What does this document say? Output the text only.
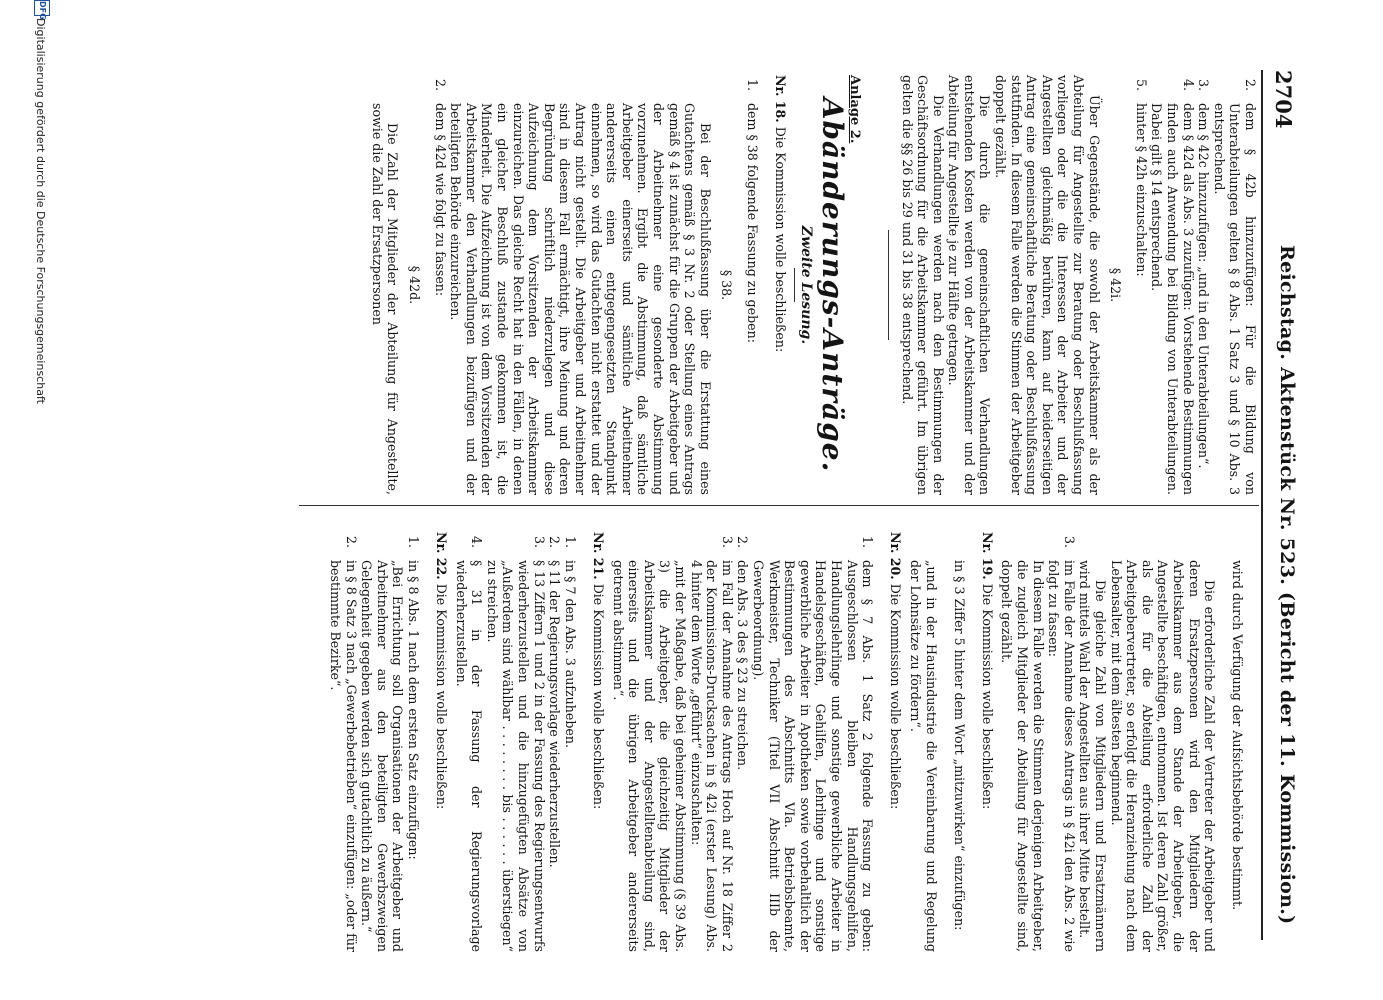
2704
Reichstag. Aktenstück Nr. 523. (Bericht der 11. Kommission.)

2.
dem § 42b hinzuzufügen: Für die Bildung von Unterabteilungen gelten § 8 Abs. 1 Satz 3 und § 10 Abs. 3 entsprechend.

3.
dem § 42c hinzuzufügen: „und in den Unterabteilungen“.

4.
dem § 42d als Abs. 3 zuzufügen: Vorstehende Bestimmungen finden auch Anwendung bei Bildung von Unterabteilungen. Dabei gilt § 14 entsprechend.

5.
hinter § 42h einzuschalten:

§ 42i.

Über Gegenstände, die sowohl der Arbeitskammer als der Abteilung für Angestellte zur Beratung oder Beschlußfassung vorliegen oder die die Interessen der Arbeiter und der Angestellten gleichmäßig berühren, kann auf beiderseitigen Antrag eine gemeinschaftliche Beratung oder Beschlußfassung stattfinden. In diesem Falle werden die Stimmen der Arbeitgeber doppelt gezählt.

Die durch die gemeinschaftlichen Verhandlungen entstehenden Kosten werden von der Arbeitskammer und der Abteilung für Angestellte je zur Hälfte getragen.

Die Verhandlungen werden nach den Bestimmungen der Geschäftsordnung für die Arbeitskammer geführt. Im übrigen gelten die §§ 26 bis 29 und 31 bis 38 entsprechend.

Anlage 2.

Abänderungs-Anträge.

Zweite Lesung.

Nr. 18. Die Kommission wolle beschließen:

1.
dem § 38 folgende Fassung zu geben:

§ 38.

Bei der Beschlußfassung über die Erstattung eines Gutachtens gemäß § 3 Nr. 2 oder Stellung eines Antrags gemäß § 4 ist zunächst für die Gruppen der Arbeitgeber und der Arbeitnehmer eine gesonderte Abstimmung vorzunehmen. Ergibt die Abstimmung, daß sämtliche Arbeitgeber einerseits und sämtliche Arbeitnehmer andererseits einen entgegengesetzten Standpunkt einnehmen, so wird das Gutachten nicht erstattet und der Antrag nicht gestellt. Die Arbeitgeber und Arbeitnehmer sind in diesem Fall ermächtigt, ihre Meinung und deren Begründung schriftlich niederzulegen und diese Aufzeichnung dem Vorsitzenden der Arbeitskammer einzureichen. Das gleiche Recht hat in den Fällen, in denen ein gleicher Beschluß zustande gekommen ist, die Minderheit. Die Aufzeichnung ist von dem Vorsitzenden der Arbeitskammer den Verhandlungen beizufügen und der beteiligten Behörde einzureichen.

2.
dem § 42d wie folgt zu fassen:

§ 42d.

Die Zahl der Mitglieder der Abteilung für Angestellte, sowie die Zahl der Ersatzpersonen

wird durch Verfügung der Aufsichtsbehörde bestimmt.

Die erforderliche Zahl der Vertreter der Arbeitgeber und deren Ersatzpersonen wird den Mitgliedern der Arbeitskammer aus dem Stande der Arbeitgeber, die Angestellte beschäftigen, entnommen. Ist deren Zahl größer, als die für die Abteilung erforderliche Zahl der Arbeitgebervertreter, so erfolgt die Heranziehung nach dem Lebensalter, mit dem ältesten beginnend.

Die gleiche Zahl von Mitgliedern und Ersatzmännern wird mittels Wahl der Angestellten aus ihrer Mitte bestellt.

3.
im Falle der Annahme dieses Antrags in § 42i den Abs. 2 wie folgt zu fassen:

In diesem Falle werden die Stimmen derjenigen Arbeitgeber, die zugleich Mitglieder der Abteilung für Angestellte sind, doppelt gezählt.

Nr. 19. Die Kommission wolle beschließen:

in § 3 Ziffer 5 hinter dem Wort „mitzuwirken“ einzufügen:

„und in der Hausindustrie die Vereinbarung und Regelung der Lohnsätze zu fördern“.

Nr. 20. Die Kommission wolle beschließen:

1.
dem § 7 Abs. 1 Satz 2 folgende Fassung zu geben: Ausgeschlossen bleiben Handlungsgehilfen, Handlungslehrlinge und sonstige gewerbliche Arbeiter in Handelsgeschäften, Gehilfen, Lehrlinge und sonstige gewerbliche Arbeiter in Apotheken sowie vorbehaltlich der Bestimmungen des Abschnitts VIa. Betriebsbeamte, Werkmeister, Techniker (Titel VII Abschnitt IIIb der Gewerbeordnung).

2.
den Abs. 3 des § 23 zu streichen.

3.
im Fall der Annahme des Antrags Hoch auf Nr. 18 Ziffer 2 der Kommissions-Drucksachen in § 42i (erster Lesung) Abs. 4 hinter dem Worte „geführt“ einzuschalten:

„mit der Maßgabe, daß bei geheimer Abstimmung (§ 39 Abs. 3) die Arbeitgeber, die gleichzeitig Mitglieder der Arbeitskammer und der Angestelltenabteilung sind, einerseits und die übrigen Arbeitgeber andererseits getrennt abstimmen“.

Nr. 21. Die Kommission wolle beschließen:

1.
in § 7 den Abs. 3 aufzuheben.

2.
§ 11 der Regierungsvorlage wiederherzustellen.

3.
§ 13 Ziffern 1 und 2 in der Fassung des Regierungsentwurfs wiederherzustellen und die hinzugefügten Absätze von „Außerdem sind wählbar . . . . . . . . bis . . . . . . überstiegen“ zu streichen.

4.
§ 31 in der Fassung der Regierungsvorlage wiederherzustellen.

Nr. 22. Die Kommission wolle beschließen:

1.
in § 8 Abs. 1 nach dem ersten Satz einzufügen:

„Bei Errichtung soll Organisationen der Arbeitgeber und Arbeitnehmer aus den beteiligten Gewerbszweigen Gelegenheit gegeben werden sich gutachtlich zu äußern.“

2.
in § 8 Satz 3 nach „Gewerbebetrieben“ einzufügen: „oder für bestimmte Bezirke“.

DFG
Digitalisierung gefördert durch die Deutsche Forschungsgemeinschaft
